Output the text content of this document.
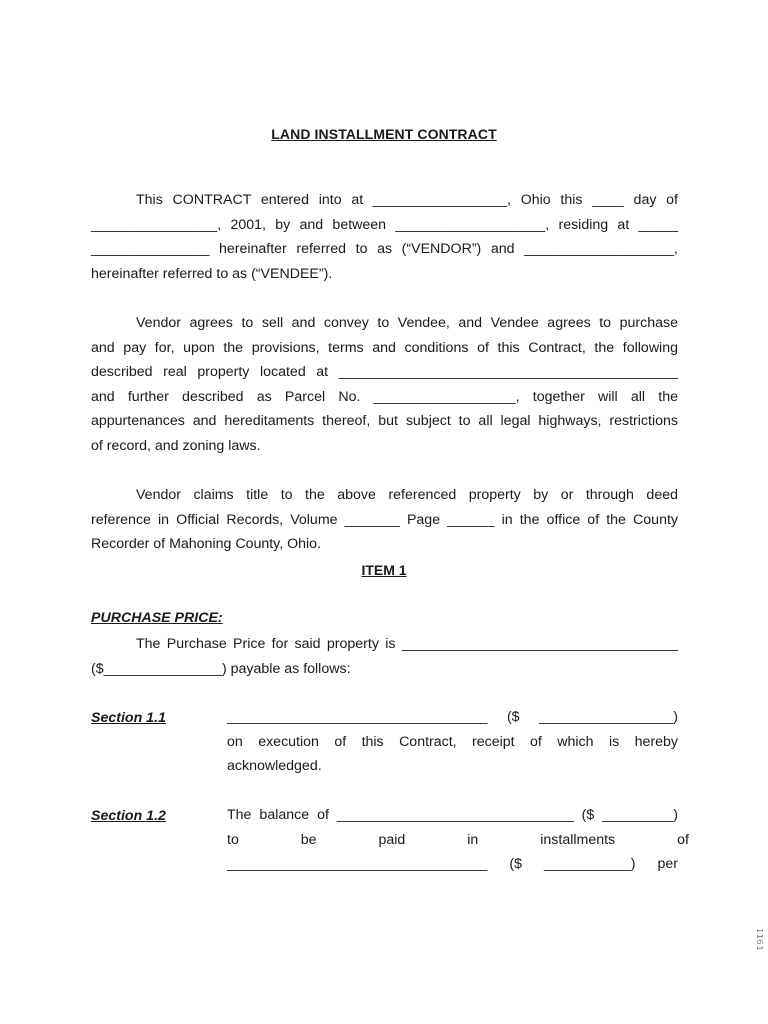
LAND INSTALLMENT CONTRACT
This CONTRACT entered into at _________________, Ohio this ____ day of
________________, 2001, by and between ___________________, residing at _____
_______________ hereinafter referred to as (“VENDOR”) and ___________________,
hereinafter referred to as (“VENDEE”).
Vendor agrees to sell and convey to Vendee, and Vendee agrees to purchase
and pay for, upon the provisions, terms and conditions of this Contract, the following
described real property located at ___________________________________________
and further described as Parcel No. __________________, together will all the
appurtenances and hereditaments thereof, but subject to all legal highways, restrictions
of record, and zoning laws.
Vendor claims title to the above referenced property by or through deed
reference in Official Records, Volume _______ Page ______ in the office of the County
Recorder of Mahoning County, Ohio.
ITEM 1
PURCHASE PRICE:
The Purchase Price for said property is ___________________________________
($_______________) payable as follows:
Section 1.1	_________________________________ ($ _________________)
on execution of this Contract, receipt of which is hereby
acknowledged.
Section 1.2	The balance of ______________________________ ($ _________)
to be paid in installments of
_________________________________ ($ ___________) per
1161
